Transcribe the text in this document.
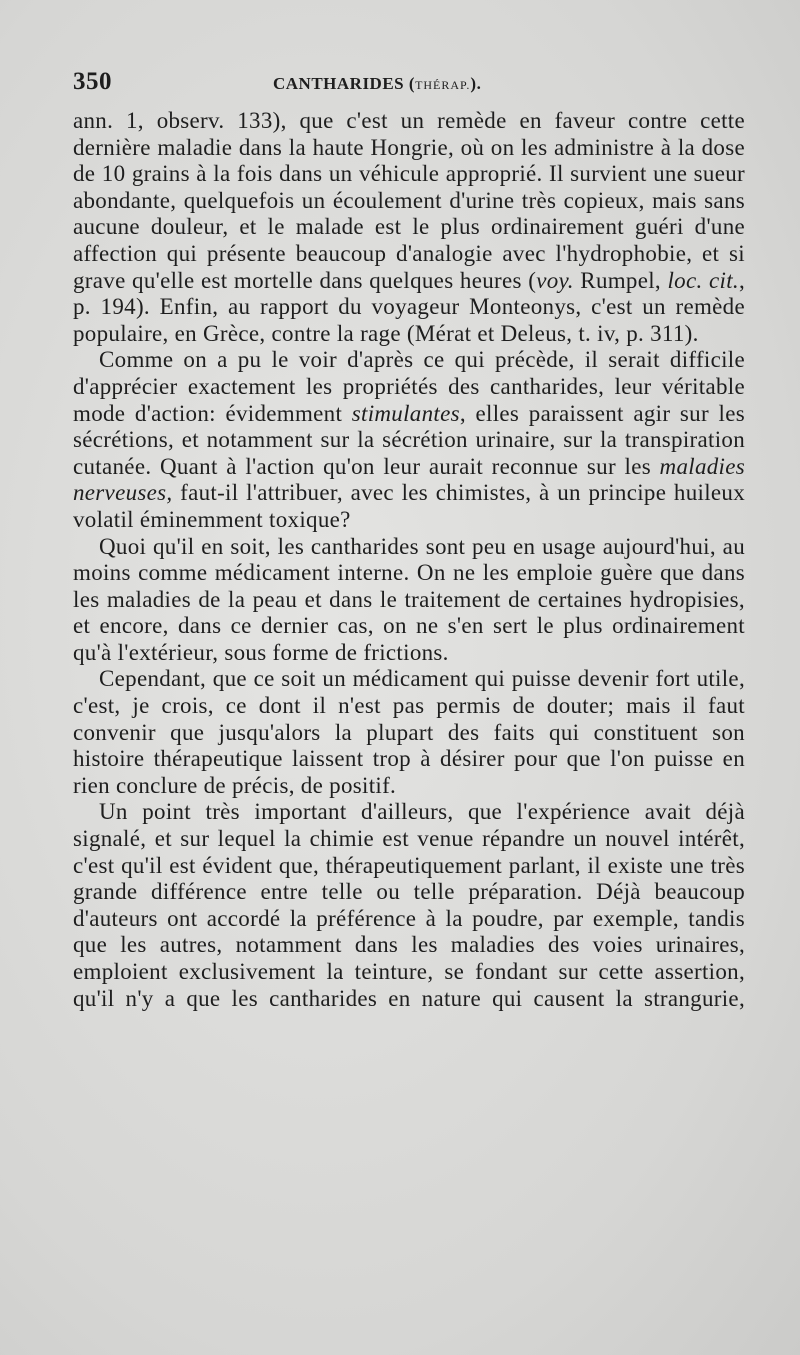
350	CANTHARIDES (THÉRAP.).

ann. 1, observ. 133), que c'est un remède en faveur contre cette dernière maladie dans la haute Hongrie, où on les administre à la dose de 10 grains à la fois dans un véhicule approprié. Il survient une sueur abondante, quelquefois un écoulement d'urine très copieux, mais sans aucune douleur, et le malade est le plus ordinairement guéri d'une affection qui présente beaucoup d'analogie avec l'hydrophobie, et si grave qu'elle est mortelle dans quelques heures (voy. Rumpel, loc. cit., p. 194). Enfin, au rapport du voyageur Monteonys, c'est un remède populaire, en Grèce, contre la rage (Mérat et Deleus, t. iv, p. 311).

Comme on a pu le voir d'après ce qui précède, il serait difficile d'apprécier exactement les propriétés des cantharides, leur véritable mode d'action: évidemment stimulantes, elles paraissent agir sur les sécrétions, et notamment sur la sécrétion urinaire, sur la transpiration cutanée. Quant à l'action qu'on leur aurait reconnue sur les maladies nerveuses, faut-il l'attribuer, avec les chimistes, à un principe huileux volatil éminemment toxique?

Quoi qu'il en soit, les cantharides sont peu en usage aujourd'hui, au moins comme médicament interne. On ne les emploie guère que dans les maladies de la peau et dans le traitement de certaines hydropisies, et encore, dans ce dernier cas, on ne s'en sert le plus ordinairement qu'à l'extérieur, sous forme de frictions.

Cependant, que ce soit un médicament qui puisse devenir fort utile, c'est, je crois, ce dont il n'est pas permis de douter; mais il faut convenir que jusqu'alors la plupart des faits qui constituent son histoire thérapeutique laissent trop à désirer pour que l'on puisse en rien conclure de précis, de positif.

Un point très important d'ailleurs, que l'expérience avait déjà signalé, et sur lequel la chimie est venue répandre un nouvel intérêt, c'est qu'il est évident que, thérapeutiquement parlant, il existe une très grande différence entre telle ou telle préparation. Déjà beaucoup d'auteurs ont accordé la préférence à la poudre, par exemple, tandis que les autres, notamment dans les maladies des voies urinaires, emploient exclusivement la teinture, se fondant sur cette assertion, qu'il n'y a que les cantharides en nature qui causent la strangurie,
